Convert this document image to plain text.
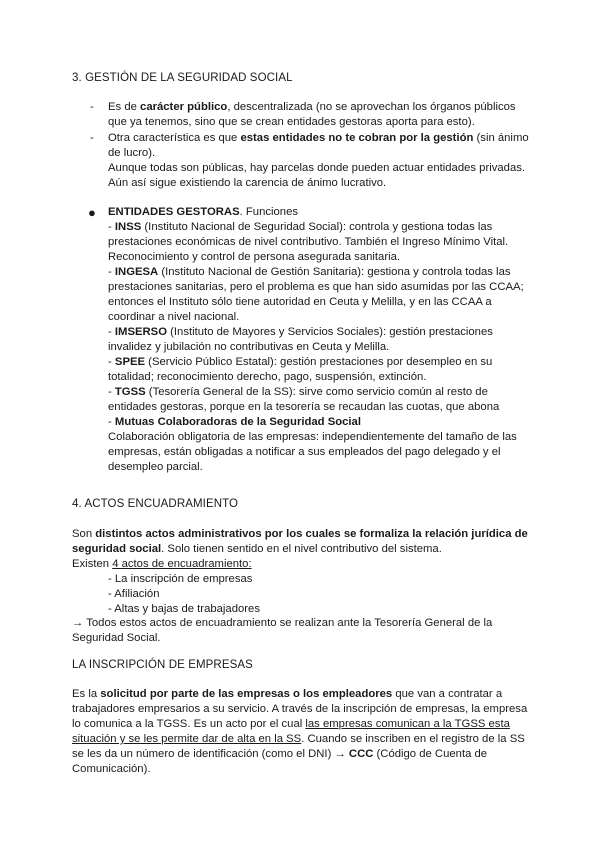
3. GESTIÓN DE LA SEGURIDAD SOCIAL
- Es de carácter público, descentralizada (no se aprovechan los órganos públicos
que ya tenemos, sino que se crean entidades gestoras aporta para esto).
- Otra característica es que estas entidades no te cobran por la gestión (sin ánimo
de lucro).
Aunque todas son públicas, hay parcelas donde pueden actuar entidades privadas.
Aún así sigue existiendo la carencia de ánimo lucrativo.
● ENTIDADES GESTORAS. Funciones
- INSS (Instituto Nacional de Seguridad Social): controla y gestiona todas las
prestaciones económicas de nivel contributivo. También el Ingreso Mínimo Vital.
Reconocimiento y control de persona asegurada sanitaria.
- INGESA (Instituto Nacional de Gestión Sanitaria): gestiona y controla todas las
prestaciones sanitarias, pero el problema es que han sido asumidas por las CCAA;
entonces el Instituto sólo tiene autoridad en Ceuta y Melilla, y en las CCAA a
coordinar a nivel nacional.
- IMSERSO (Instituto de Mayores y Servicios Sociales): gestión prestaciones
invalidez y jubilación no contributivas en Ceuta y Melilla.
- SPEE (Servicio Público Estatal): gestión prestaciones por desempleo en su
totalidad; reconocimiento derecho, pago, suspensión, extinción.
- TGSS (Tesorería General de la SS): sirve como servicio común al resto de
entidades gestoras, porque en la tesorería se recaudan las cuotas, que abona
- Mutuas Colaboradoras de la Seguridad Social
Colaboración obligatoria de las empresas: independientemente del tamaño de las
empresas, están obligadas a notificar a sus empleados del pago delegado y el
desempleo parcial.
4. ACTOS ENCUADRAMIENTO
Son distintos actos administrativos por los cuales se formaliza la relación jurídica de
seguridad social. Solo tienen sentido en el nivel contributivo del sistema.
Existen 4 actos de encuadramiento:
- La inscripción de empresas
- Afiliación
- Altas y bajas de trabajadores
→ Todos estos actos de encuadramiento se realizan ante la Tesorería General de la
Seguridad Social.
LA INSCRIPCIÓN DE EMPRESAS
Es la solicitud por parte de las empresas o los empleadores que van a contratar a
trabajadores empresarios a su servicio. A través de la inscripción de empresas, la empresa
lo comunica a la TGSS. Es un acto por el cual las empresas comunican a la TGSS esta
situación y se les permite dar de alta en la SS. Cuando se inscriben en el registro de la SS
se les da un número de identificación (como el DNI) → CCC (Código de Cuenta de
Comunicación).
